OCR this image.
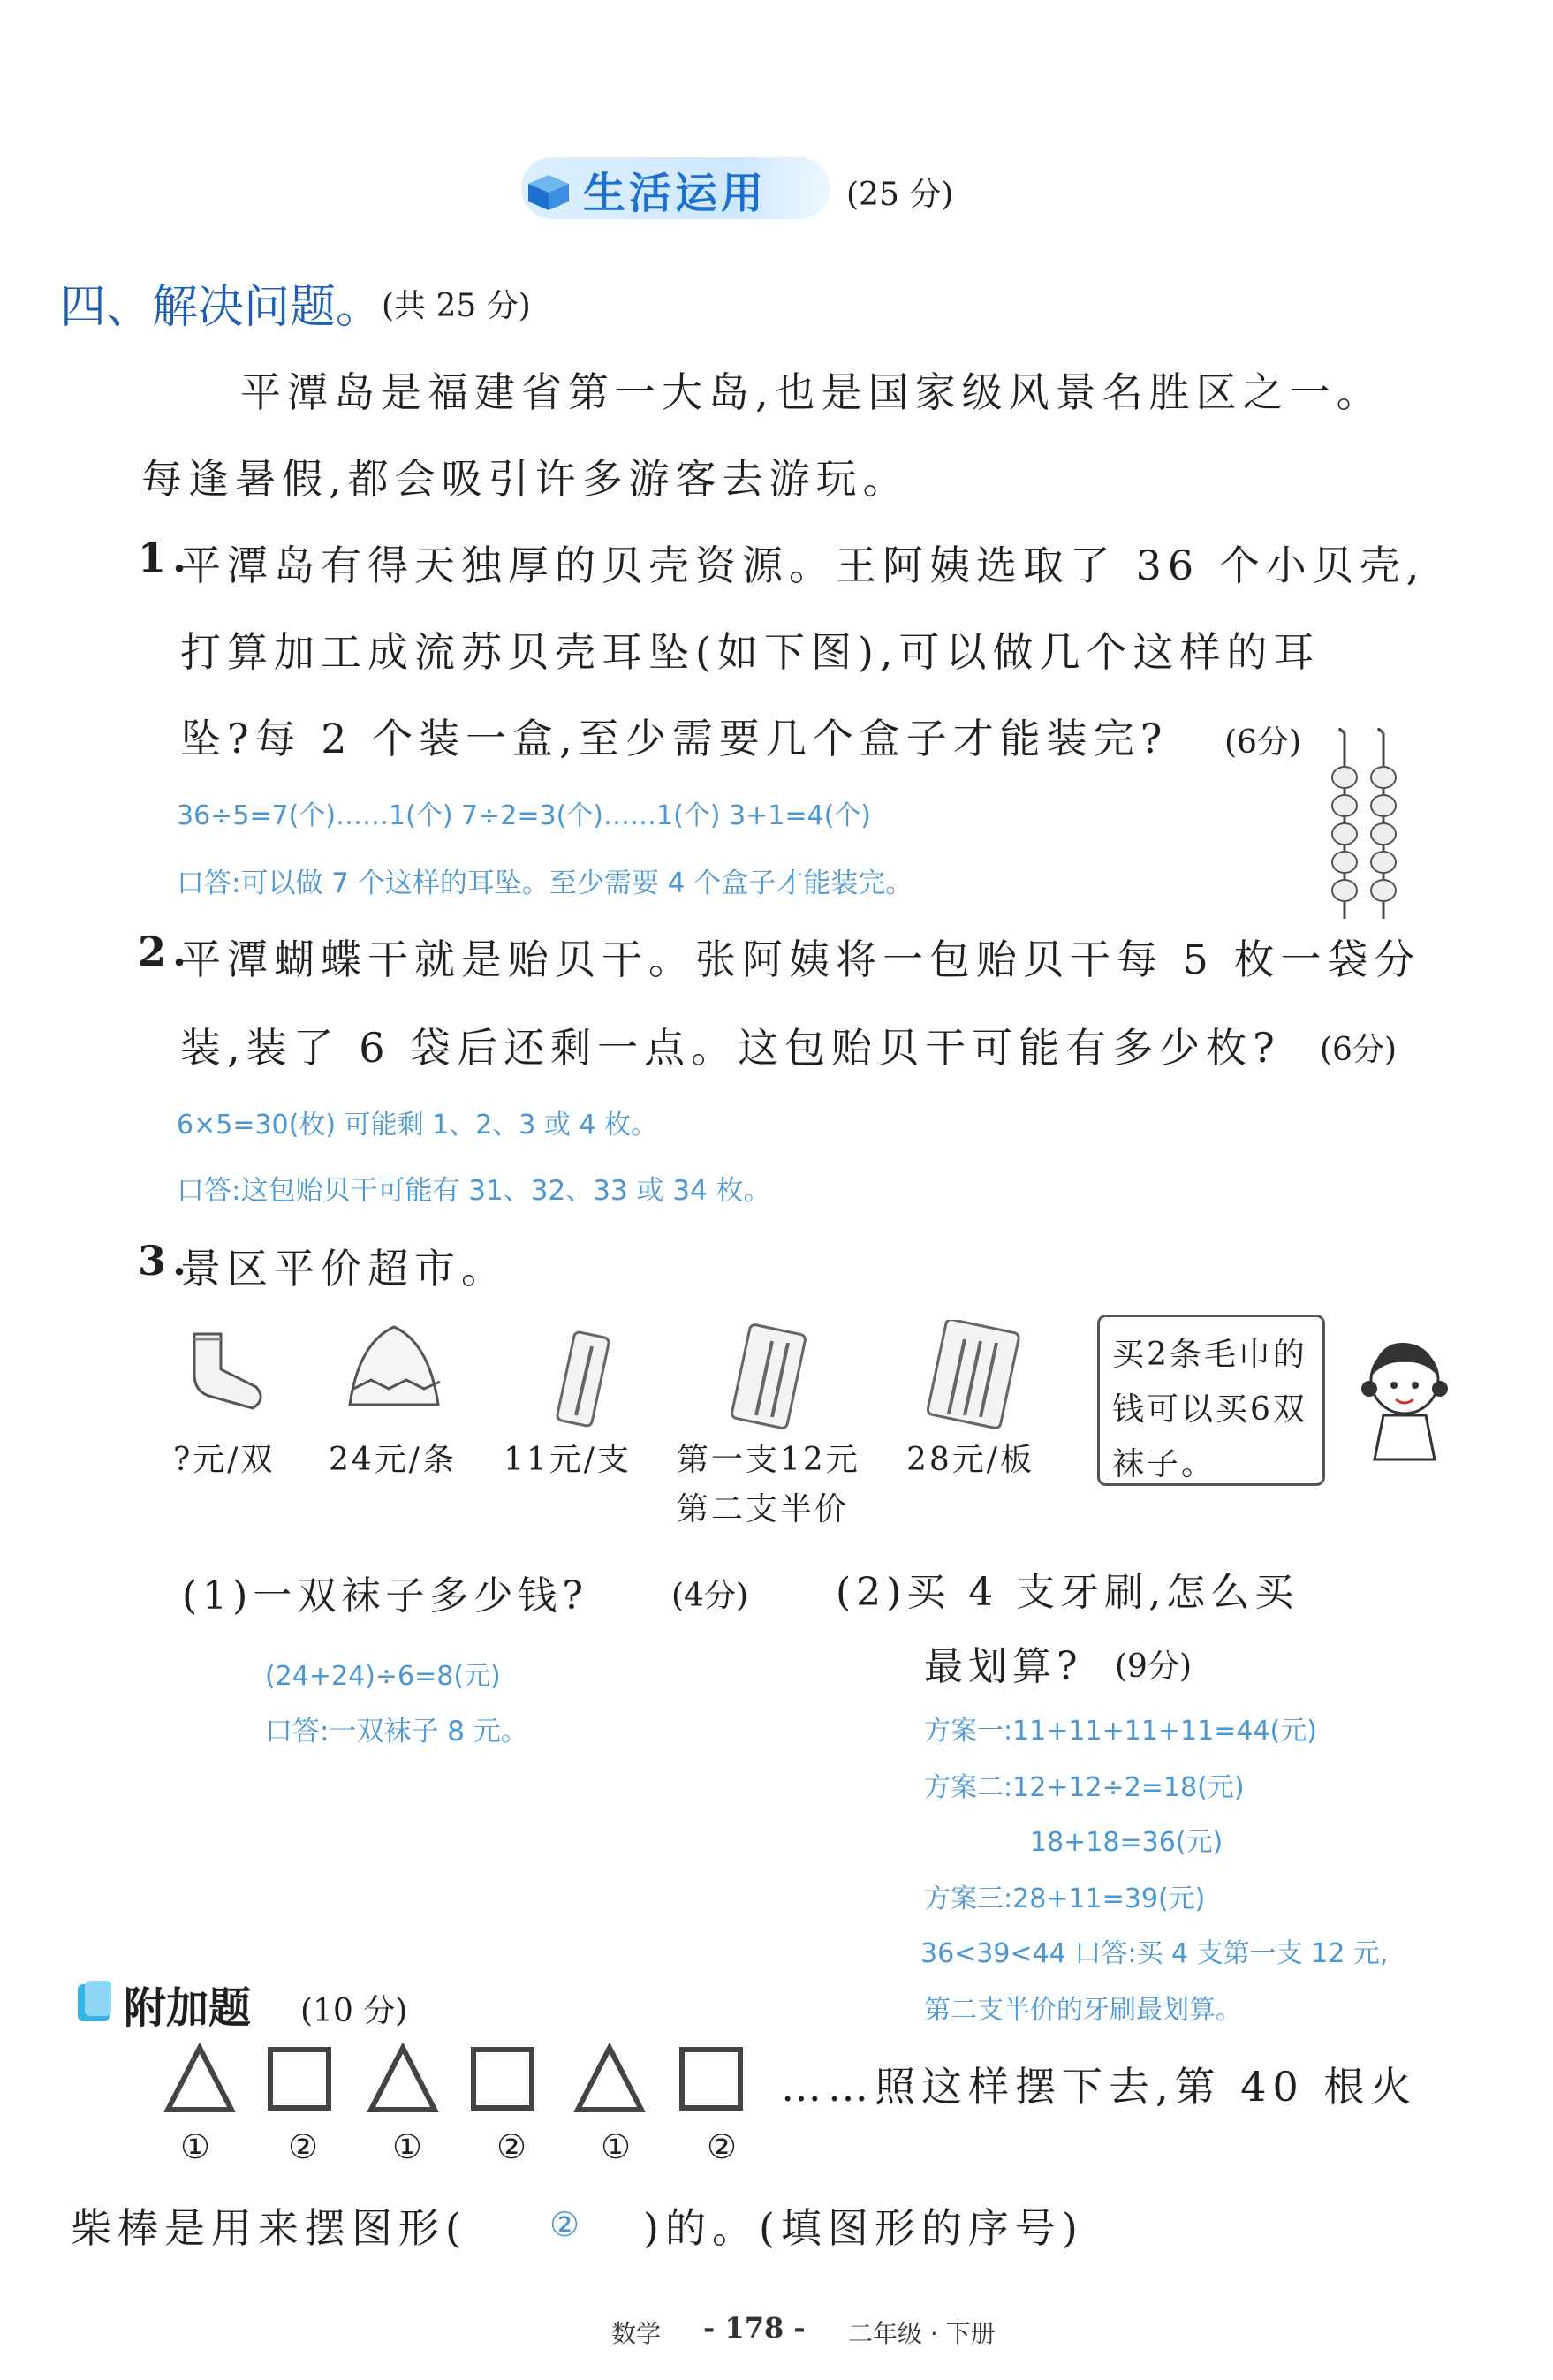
生活运用 (25 分)
四、解决问题。 (共 25 分)
平潭岛是福建省第一大岛,也是国家级风景名胜区之一。
每逢暑假,都会吸引许多游客去游玩。
1.
平潭岛有得天独厚的贝壳资源。王阿姨选取了 36 个小贝壳,
打算加工成流苏贝壳耳坠(如下图),可以做几个这样的耳
坠?每 2 个装一盒,至少需要几个盒子才能装完? (6分)
36÷5=7(个)……1(个) 7÷2=3(个)……1(个) 3+1=4(个)
口答:可以做 7 个这样的耳坠。至少需要 4 个盒子才能装完。
2.
平潭蝴蝶干就是贻贝干。张阿姨将一包贻贝干每 5 枚一袋分
装,装了 6 袋后还剩一点。这包贻贝干可能有多少枚? (6分)
6×5=30(枚) 可能剩 1、2、3 或 4 枚。
口答:这包贻贝干可能有 31、32、33 或 34 枚。
3.
景区平价超市。
?元/双 24元/条 11元/支 第一支12元
第二支半价
28元/板
买2条毛巾的钱可以买6双袜子。
(1)一双袜子多少钱?	(4分)
(24+24)÷6=8(元)
口答:一双袜子 8 元。
(2)买 4 支牙刷,怎么买
最划算? (9分)
方案一:11+11+11+11=44(元)
方案二:12+12÷2=18(元)
18+18=36(元)
方案三:28+11=39(元)
36<39<44 口答:买 4 支第一支 12 元,
第二支半价的牙刷最划算。
附加题 (10 分)
① ② ① ② ① ②
……照这样摆下去,第 40 根火
柴棒是用来摆图形( ② )的。(填图形的序号)
数学 - 178 - 二年级 · 下册
